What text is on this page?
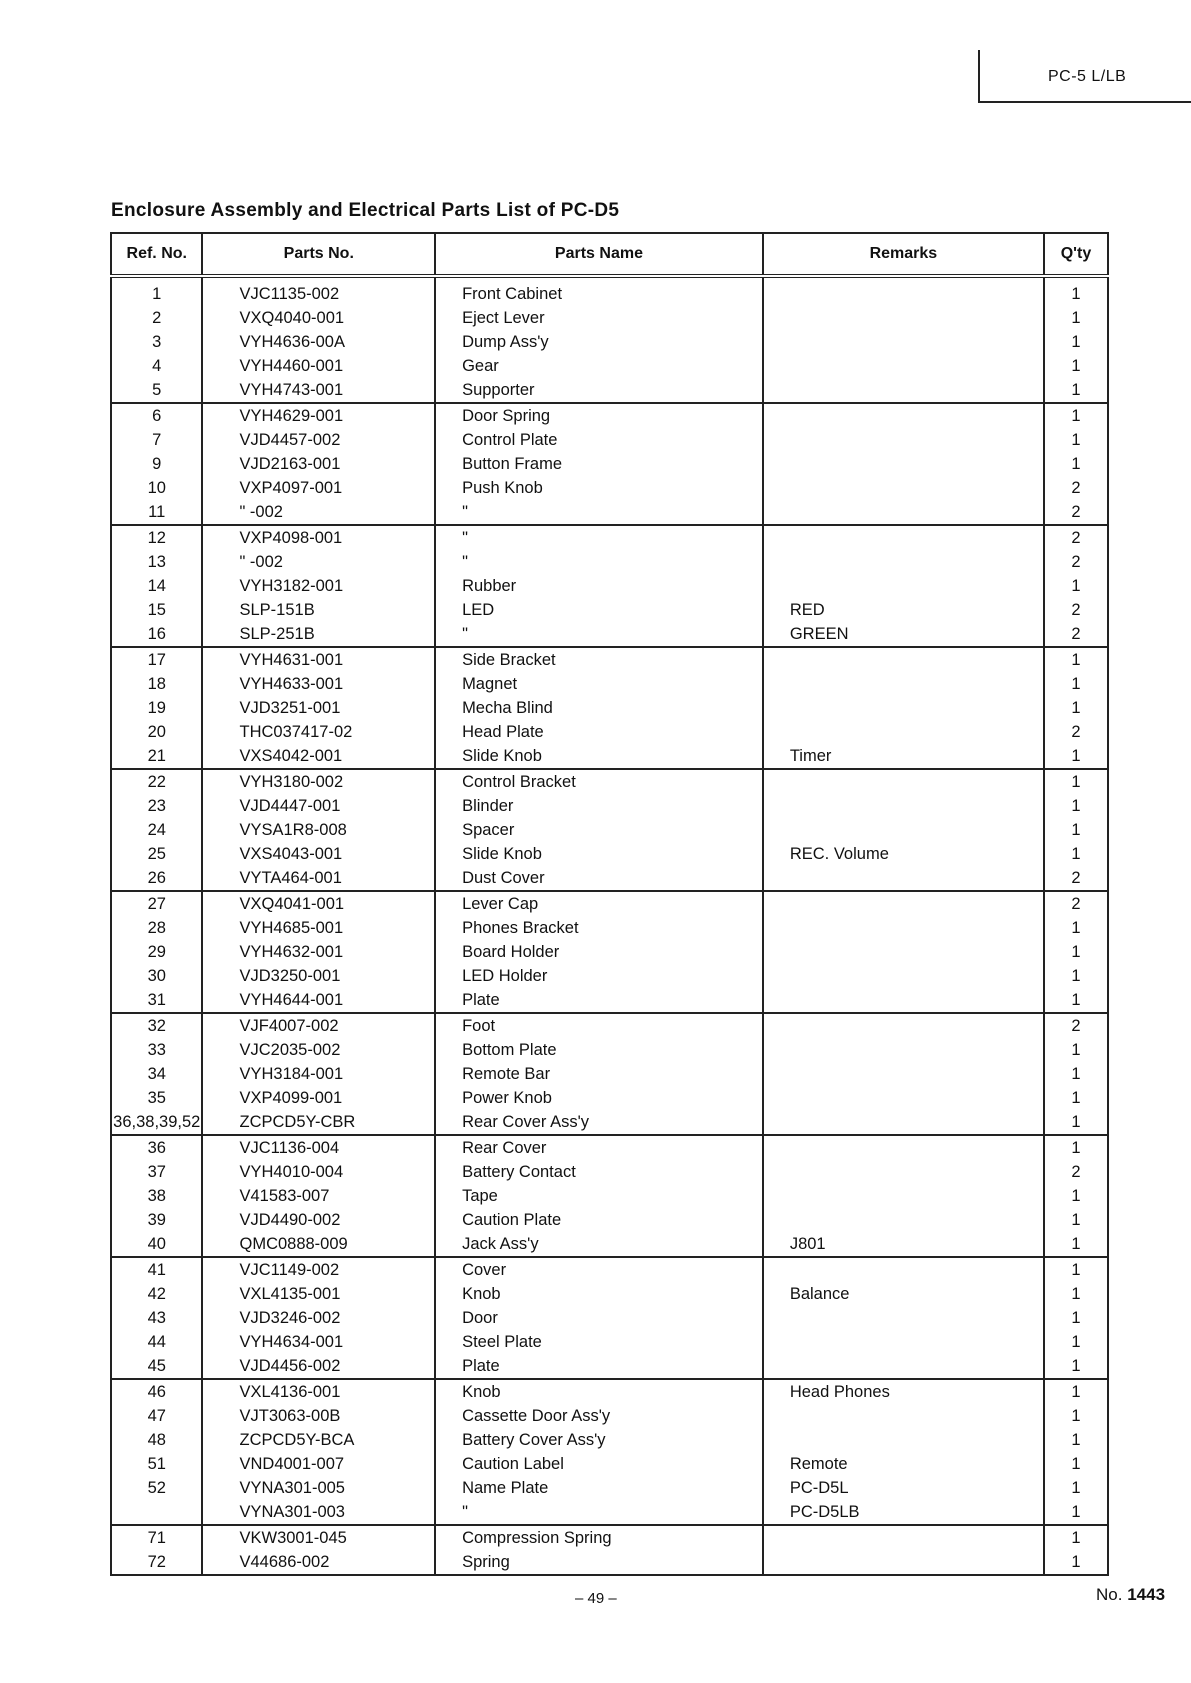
PC-5 L/LB
Enclosure Assembly and Electrical Parts List of PC-D5
Ref. No.	Parts No.	Parts Name	Remarks	Q'ty
1	VJC1135-002	Front Cabinet		1
2	VXQ4040-001	Eject Lever		1
3	VYH4636-00A	Dump Ass'y		1
4	VYH4460-001	Gear		1
5	VYH4743-001	Supporter		1
6	VYH4629-001	Door Spring		1
7	VJD4457-002	Control Plate		1
9	VJD2163-001	Button Frame		1
10	VXP4097-001	Push Knob		2
11	" -002	"		2
12	VXP4098-001	"		2
13	" -002	"		2
14	VYH3182-001	Rubber		1
15	SLP-151B	LED	RED	2
16	SLP-251B	"	GREEN	2
17	VYH4631-001	Side Bracket		1
18	VYH4633-001	Magnet		1
19	VJD3251-001	Mecha Blind		1
20	THC037417-02	Head Plate		2
21	VXS4042-001	Slide Knob	Timer	1
22	VYH3180-002	Control Bracket		1
23	VJD4447-001	Blinder		1
24	VYSA1R8-008	Spacer		1
25	VXS4043-001	Slide Knob	REC. Volume	1
26	VYTA464-001	Dust Cover		2
27	VXQ4041-001	Lever Cap		2
28	VYH4685-001	Phones Bracket		1
29	VYH4632-001	Board Holder		1
30	VJD3250-001	LED Holder		1
31	VYH4644-001	Plate		1
32	VJF4007-002	Foot		2
33	VJC2035-002	Bottom Plate		1
34	VYH3184-001	Remote Bar		1
35	VXP4099-001	Power Knob		1
36,38,39,52	ZCPCD5Y-CBR	Rear Cover Ass'y		1
36	VJC1136-004	Rear Cover		1
37	VYH4010-004	Battery Contact		2
38	V41583-007	Tape		1
39	VJD4490-002	Caution Plate		1
40	QMC0888-009	Jack Ass'y	J801	1
41	VJC1149-002	Cover		1
42	VXL4135-001	Knob	Balance	1
43	VJD3246-002	Door		1
44	VYH4634-001	Steel Plate		1
45	VJD4456-002	Plate		1
46	VXL4136-001	Knob	Head Phones	1
47	VJT3063-00B	Cassette Door Ass'y		1
48	ZCPCD5Y-BCA	Battery Cover Ass'y		1
51	VND4001-007	Caution Label	Remote	1
52	VYNA301-005	Name Plate	PC-D5L	1
	VYNA301-003	"	PC-D5LB	1
71	VKW3001-045	Compression Spring		1
72	V44686-002	Spring		1
– 49 –	No. 1443
